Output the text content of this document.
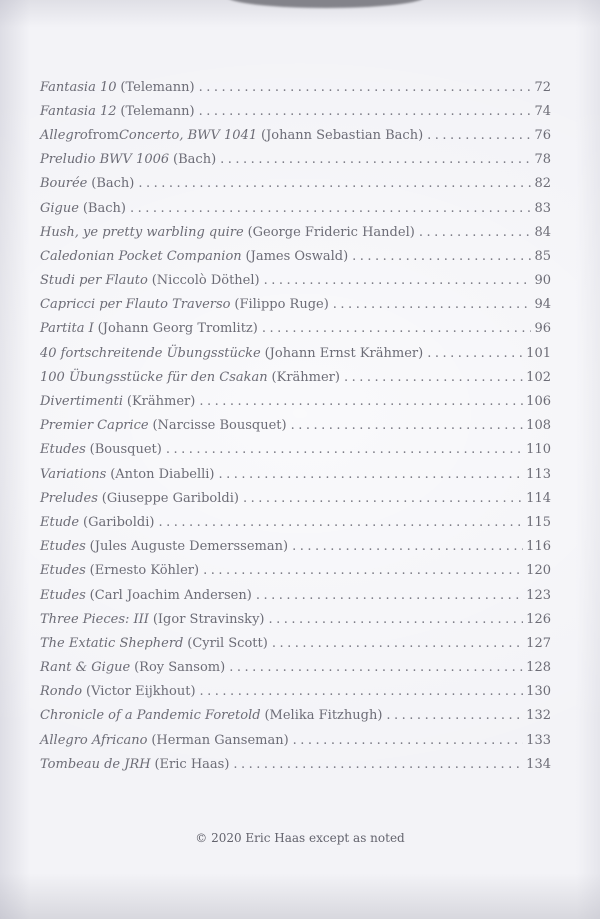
Fantasia 10 (Telemann) .....	72
Fantasia 12 (Telemann) .....	74
Allegro from Concerto, BWV 1041 (Johann Sebastian Bach) .....	76
Preludio BWV 1006 (Bach) .....	78
Bourée (Bach) .....	82
Gigue (Bach) .....	83
Hush, ye pretty warbling quire (George Frideric Handel) .....	84
Caledonian Pocket Companion (James Oswald) .....	85
Studi per Flauto (Niccolò Döthel) .....	90
Capricci per Flauto Traverso (Filippo Ruge) .....	94
Partita I (Johann Georg Tromlitz) .....	96
40 fortschreitende Übungsstücke (Johann Ernst Krähmer) .....	101
100 Übungsstücke für den Csakan (Krähmer) .....	102
Divertimenti (Krähmer) .....	106
Premier Caprice (Narcisse Bousquet) .....	108
Etudes (Bousquet) .....	110
Variations (Anton Diabelli) .....	113
Preludes (Giuseppe Gariboldi) .....	114
Etude (Gariboldi) .....	115
Etudes (Jules Auguste Demersseman) .....	116
Etudes (Ernesto Köhler) .....	120
Etudes (Carl Joachim Andersen) .....	123
Three Pieces: III (Igor Stravinsky) .....	126
The Extatic Shepherd (Cyril Scott) .....	127
Rant & Gigue (Roy Sansom) .....	128
Rondo (Victor Eijkhout) .....	130
Chronicle of a Pandemic Foretold (Melika Fitzhugh) .....	132
Allegro Africano (Herman Ganseman) .....	133
Tombeau de JRH (Eric Haas) .....	134
© 2020 Eric Haas except as noted
